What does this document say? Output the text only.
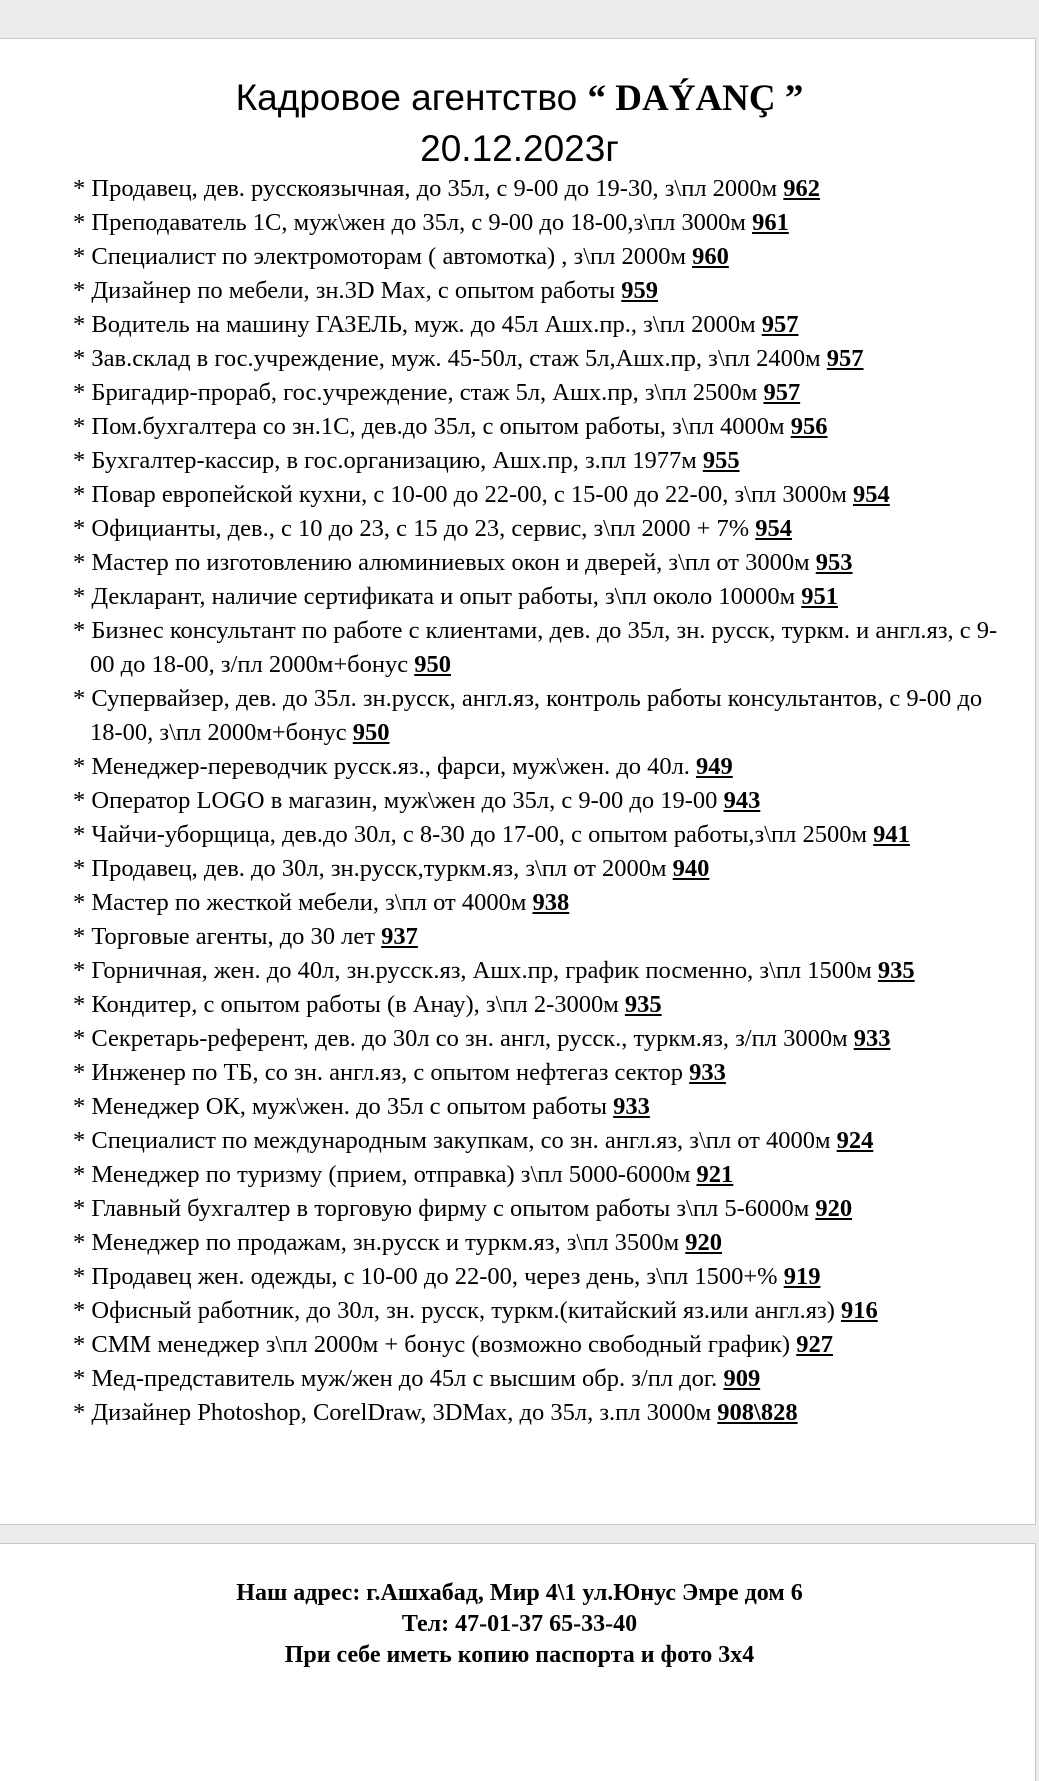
Кадровое агентство “ DAÝANÇ ”
20.12.2023г
* Продавец, дев. русскоязычная, до 35л, с 9-00 до 19-30, з\пл 2000м 962
* Преподаватель 1С, муж\жен до 35л, с 9-00 до 18-00,з\пл 3000м 961
* Специалист по электромоторам ( автомотка) , з\пл 2000м 960
* Дизайнер по мебели, зн.3D Max, с опытом работы 959
* Водитель на машину ГАЗЕЛЬ, муж. до 45л Ашх.пр., з\пл 2000м 957
* Зав.склад в гос.учреждение, муж. 45-50л, стаж 5л,Ашх.пр, з\пл 2400м 957
* Бригадир-прораб, гос.учреждение, стаж 5л, Ашх.пр, з\пл 2500м 957
* Пом.бухгалтера со зн.1С, дев.до 35л, с опытом работы, з\пл 4000м 956
* Бухгалтер-кассир, в гос.организацию, Ашх.пр, з.пл 1977м 955
* Повар европейской кухни, с 10-00 до 22-00, с 15-00 до 22-00, з\пл 3000м 954
* Официанты, дев., с 10 до 23, с 15 до 23, сервис, з\пл 2000 + 7% 954
* Мастер по изготовлению алюминиевых окон и дверей, з\пл от 3000м 953
* Декларант, наличие сертификата и опыт работы, з\пл около 10000м 951
* Бизнес консультант по работе с клиентами, дев. до 35л, зн. русск, туркм. и англ.яз, с 9-00 до 18-00, з/пл 2000м+бонус 950
* Супервайзер, дев. до 35л. зн.русск, англ.яз, контроль работы консультантов, с 9-00 до 18-00, з\пл 2000м+бонус 950
* Менеджер-переводчик русск.яз., фарси, муж\жен. до 40л. 949
* Оператор LOGO в магазин, муж\жен до 35л, с 9-00 до 19-00 943
* Чайчи-уборщица, дев.до 30л, с 8-30 до 17-00, с опытом работы,з\пл 2500м 941
* Продавец, дев. до 30л, зн.русск,туркм.яз, з\пл от 2000м 940
* Мастер по жесткой мебели, з\пл от 4000м 938
* Торговые агенты, до 30 лет 937
* Горничная, жен. до 40л, зн.русск.яз, Ашх.пр, график посменно, з\пл 1500м 935
* Кондитер, с опытом работы (в Анау), з\пл 2-3000м 935
* Секретарь-референт, дев. до 30л со зн. англ, русск., туркм.яз, з/пл 3000м 933
* Инженер по ТБ, со зн. англ.яз, с опытом нефтегаз сектор 933
* Менеджер ОК, муж\жен. до 35л с опытом работы 933
* Специалист по международным закупкам, со зн. англ.яз, з\пл от 4000м 924
* Менеджер по туризму (прием, отправка) з\пл 5000-6000м 921
* Главный бухгалтер в торговую фирму с опытом работы з\пл 5-6000м 920
* Менеджер по продажам, зн.русск и туркм.яз, з\пл 3500м 920
* Продавец жен. одежды, с 10-00 до 22-00, через день, з\пл 1500+% 919
* Офисный работник, до 30л, зн. русск, туркм.(китайский яз.или англ.яз) 916
* СММ менеджер з\пл 2000м + бонус (возможно свободный график) 927
* Мед-представитель муж/жен до 45л с высшим обр. з/пл дог. 909
* Дизайнер Photoshop, CorelDraw, 3DMax, до 35л, з.пл 3000м 908\828
Наш адрес: г.Ашхабад, Мир 4\1 ул.Юнус Эмре дом 6
Тел: 47-01-37 65-33-40
При себе иметь копию паспорта и фото 3х4
